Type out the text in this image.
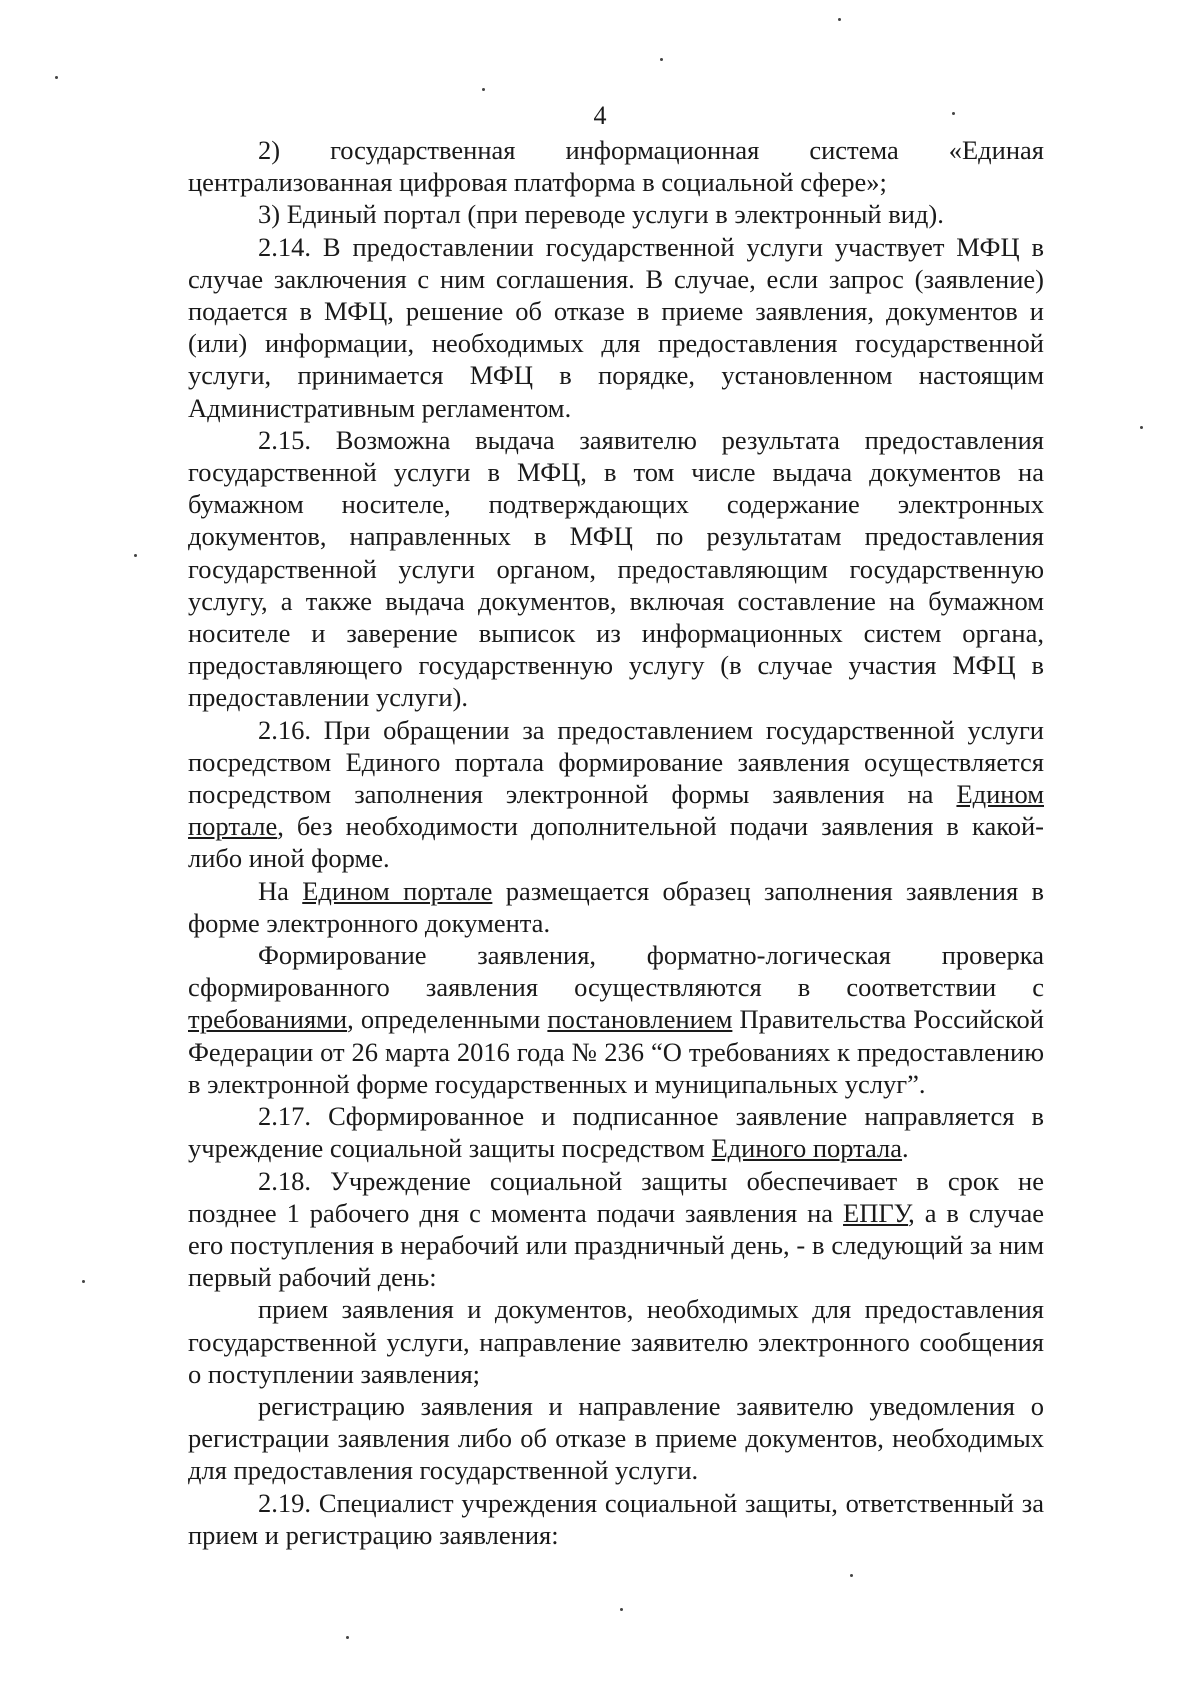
4

2) государственная информационная система «Единая

централизованная цифровая платформа в социальной сфере»;

3) Единый портал (при переводе услуги в электронный вид).

2.14. В предоставлении государственной услуги участвует МФЦ в случае заключения с ним соглашения. В случае, если запрос (заявление) подается в МФЦ, решение об отказе в приеме заявления, документов и (или) информации, необходимых для предоставления государственной услуги, принимается МФЦ в порядке, установленном настоящим Административным регламентом.

2.15. Возможна выдача заявителю результата предоставления государственной услуги в МФЦ, в том числе выдача документов на бумажном носителе, подтверждающих содержание электронных документов, направленных в МФЦ по результатам предоставления государственной услуги органом, предоставляющим государственную услугу, а также выдача документов, включая составление на бумажном носителе и заверение выписок из информационных систем органа, предоставляющего государственную услугу (в случае участия МФЦ в предоставлении услуги).

2.16. При обращении за предоставлением государственной услуги посредством Единого портала формирование заявления осуществляется посредством заполнения электронной формы заявления на Едином портале, без необходимости дополнительной подачи заявления в какой-либо иной форме.

На Едином портале размещается образец заполнения заявления в форме электронного документа.

Формирование заявления, форматно-логическая проверка сформированного заявления осуществляются в соответствии с требованиями, определенными постановлением Правительства Российской Федерации от 26 марта 2016 года № 236 “О требованиях к предоставлению в электронной форме государственных и муниципальных услуг”.

2.17. Сформированное и подписанное заявление направляется в учреждение социальной защиты посредством Единого портала.

2.18. Учреждение социальной защиты обеспечивает в срок не позднее 1 рабочего дня с момента подачи заявления на ЕПГУ, а в случае его поступления в нерабочий или праздничный день, - в следующий за ним первый рабочий день:

прием заявления и документов, необходимых для предоставления государственной услуги, направление заявителю электронного сообщения о поступлении заявления;

регистрацию заявления и направление заявителю уведомления о регистрации заявления либо об отказе в приеме документов, необходимых для предоставления государственной услуги.

2.19. Специалист учреждения социальной защиты, ответственный за прием и регистрацию заявления:
